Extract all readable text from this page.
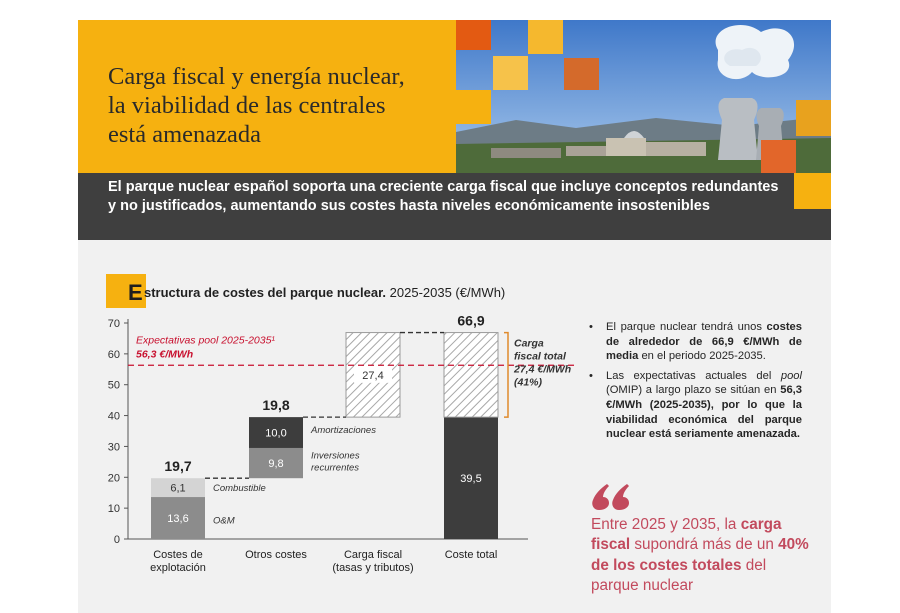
Carga fiscal y energía nuclear,
la viabilidad de las centrales
está amenazada
El parque nuclear español soporta una creciente carga fiscal que incluye conceptos redundantes y no justificados, aumentando sus costes hasta niveles económicamente insostenibles
E structura de costes del parque nuclear. 2025-2035 (€/MWh)
0
10
20
30
40
50
60
70
13,6
6,1
9,8
10,0
27,4
39,5
19,7
19,8
66,9
Combustible
O&M
Amortizaciones
Inversiones
recurrentes
Expectativas pool 2025-2035¹
56,3 €/MWh
Carga
fiscal total
27,4 €/MWh
(41%)
Costes de
explotación
Otros costes	Carga fiscal
(tasas y tributos)
Coste total
• El parque nuclear tendrá unos costes de alrededor de 66,9 €/MWh de media en el periodo 2025-2035.
• Las expectativas actuales del pool (OMIP) a largo plazo se sitúan en 56,3 €/MWh (2025-2035), por lo que la viabilidad económica del parque nuclear está seriamente amenazada.
Entre 2025 y 2035, la carga fiscal supondrá más de un 40% de los costes totales del parque nuclear
